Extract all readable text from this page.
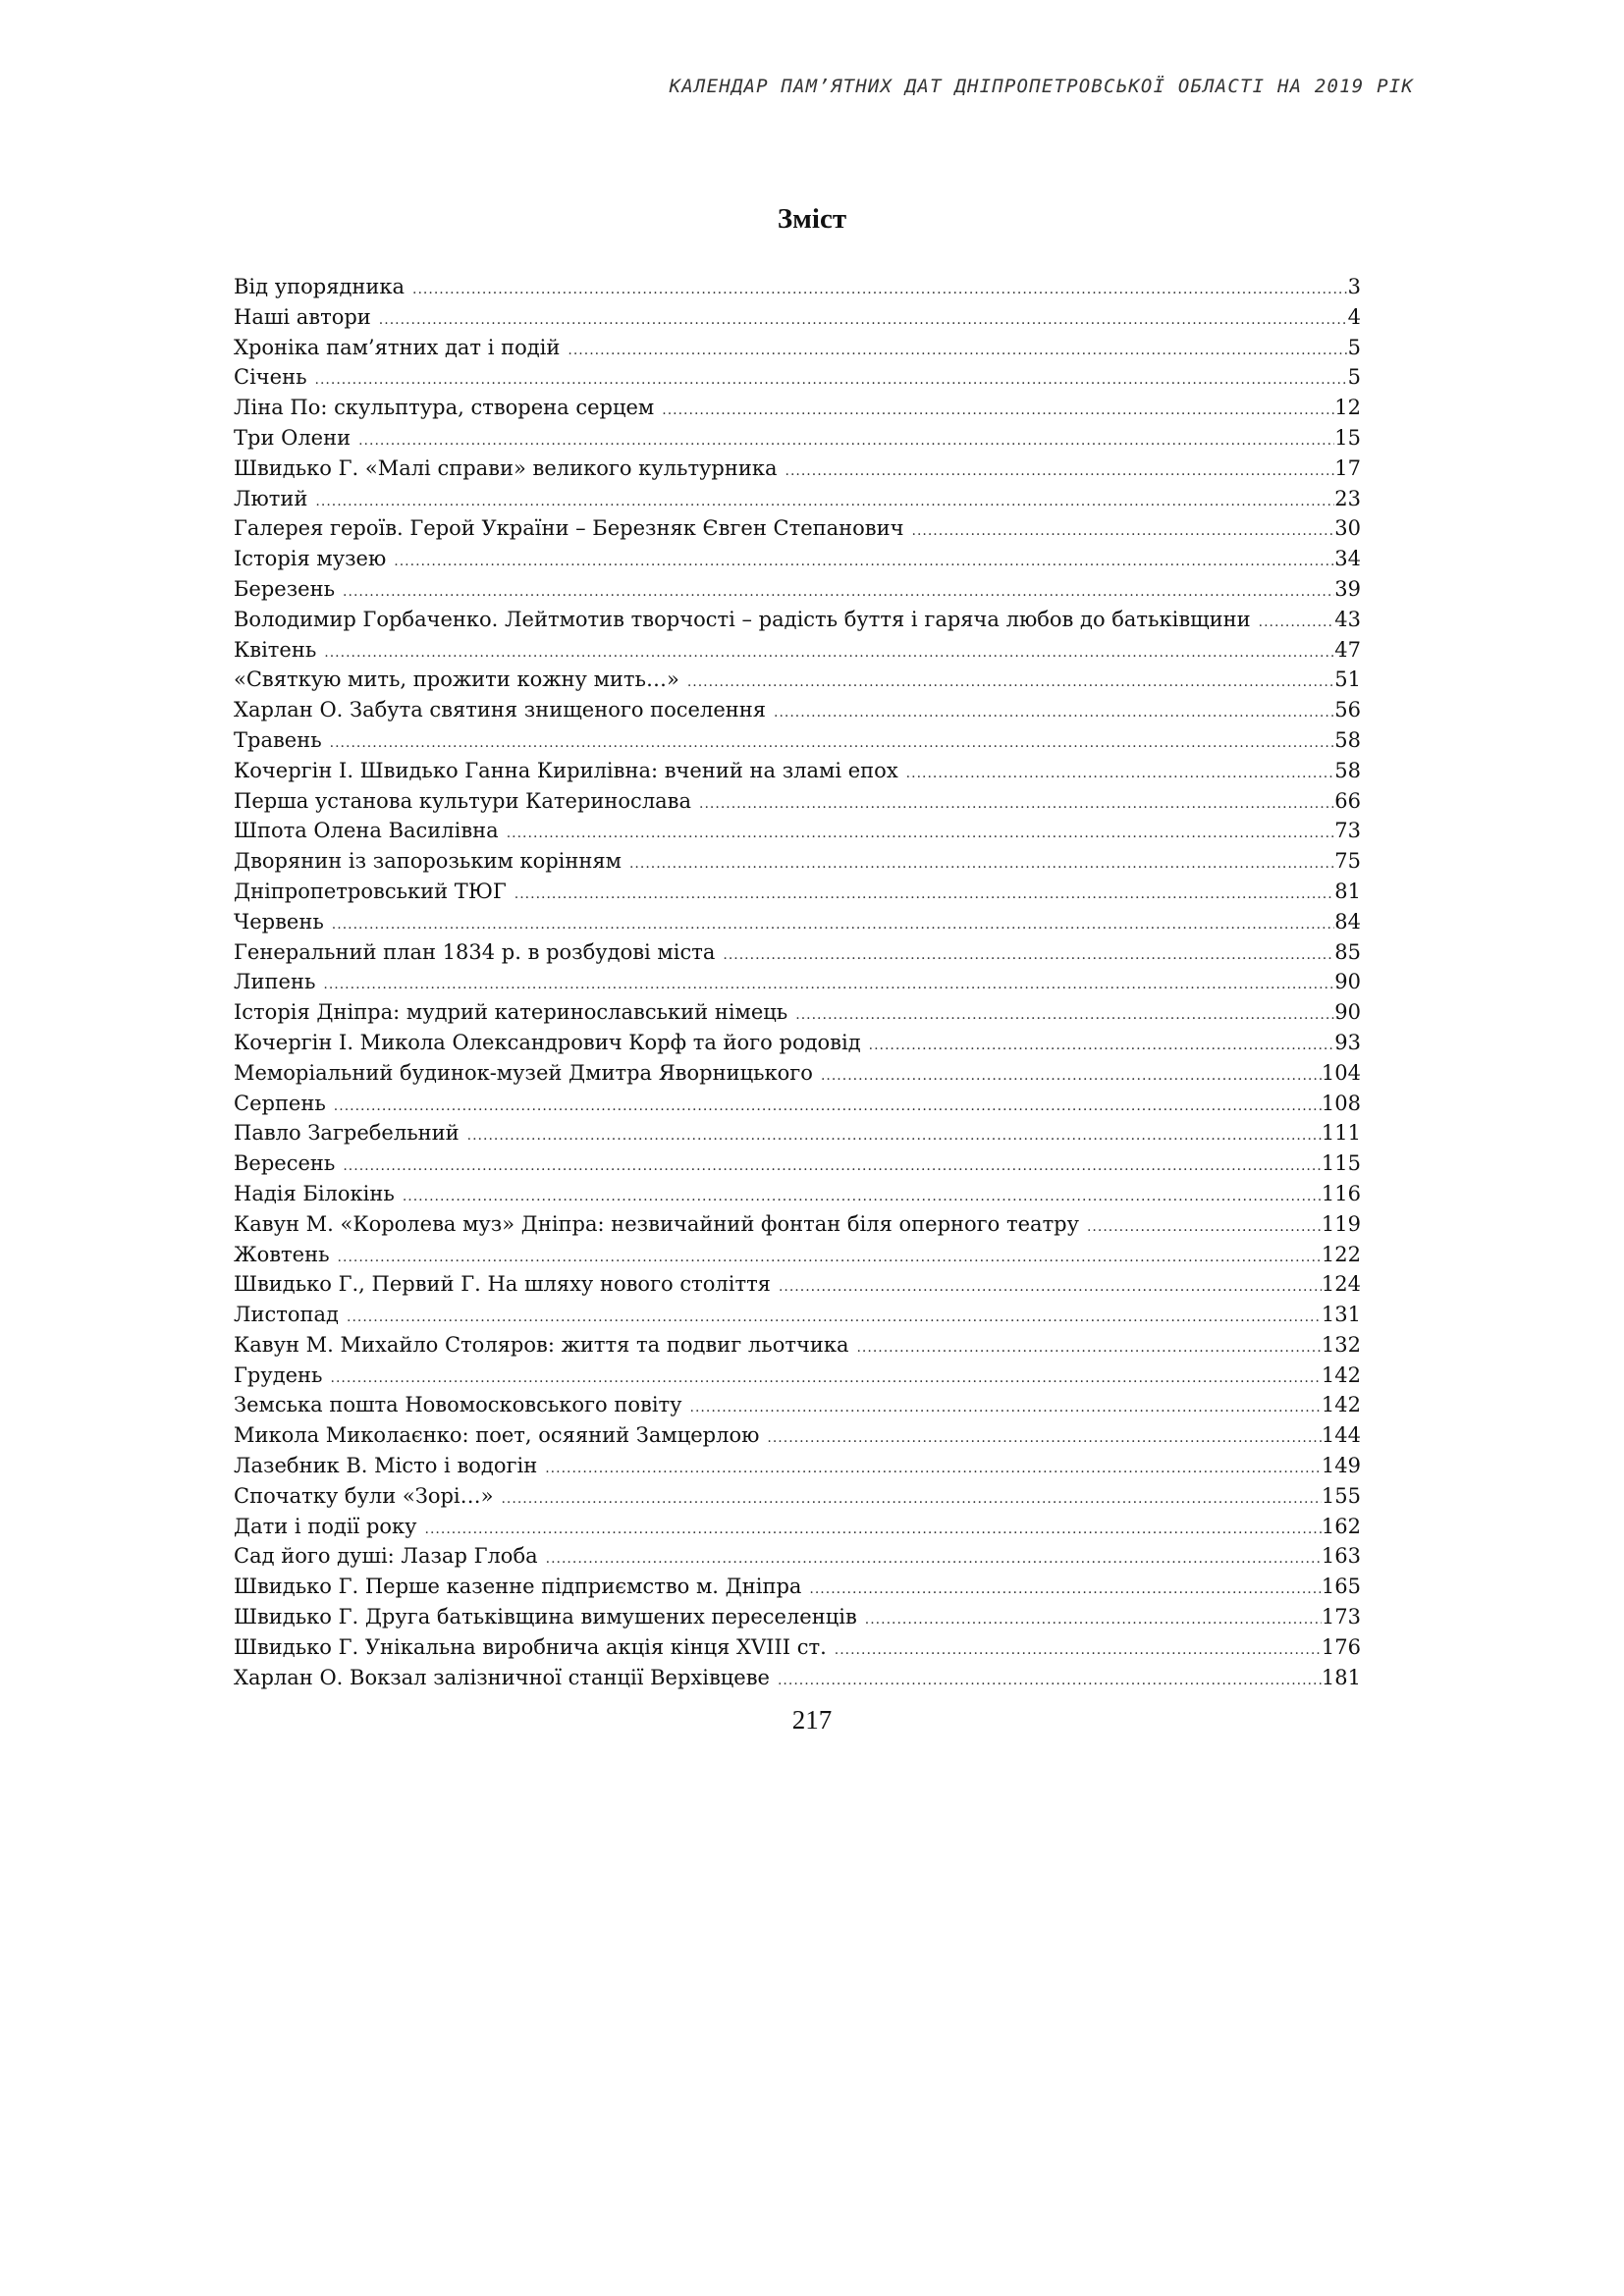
КАЛЕНДАР ПАМ’ЯТНИХ ДАТ ДНІПРОПЕТРОВСЬКОЇ ОБЛАСТІ НА 2019 РІК
Зміст
Від упорядника .....	3
Наші автори .....	4
Хроніка пам’ятних дат і подій .....	5
Січень .....	5
Ліна По: скульптура, створена серцем .....	12
Три Олени .....	15
Швидько Г. «Малі справи» великого культурника .....	17
Лютий .....	23
Галерея героїв. Герой України – Березняк Євген Степанович .....	30
Історія музею .....	34
Березень .....	39
Володимир Горбаченко. Лейтмотив творчості – радість буття і гаряча любов до батьківщини .....	43
Квітень .....	47
«Святкую мить, прожити кожну мить…» .....	51
Харлан О. Забута святиня знищеного поселення .....	56
Травень .....	58
Кочергін І. Швидько Ганна Кирилівна: вчений на зламі епох .....	58
Перша установа культури Катеринослава .....	66
Шпота Олена Василівна .....	73
Дворянин із запорозьким корінням .....	75
Дніпропетровський ТЮГ .....	81
Червень .....	84
Генеральний план 1834 р. в розбудові міста .....	85
Липень .....	90
Історія Дніпра: мудрий катеринославський німець .....	90
Кочергін І. Микола Олександрович Корф та його родовід .....	93
Меморіальний будинок-музей Дмитра Яворницького .....	104
Серпень .....	108
Павло Загребельний .....	111
Вересень .....	115
Надія Білокінь .....	116
Кавун М. «Королева муз» Дніпра: незвичайний фонтан біля оперного театру .....	119
Жовтень .....	122
Швидько Г., Первий Г. На шляху нового століття .....	124
Листопад .....	131
Кавун М. Михайло Столяров: життя та подвиг льотчика .....	132
Грудень .....	142
Земська пошта Новомосковського повіту .....	142
Микола Миколаєнко: поет, осяяний Замцерлою .....	144
Лазебник В. Місто і водогін .....	149
Спочатку були «Зорі…» .....	155
Дати і події року .....	162
Сад його душі: Лазар Глоба .....	163
Швидько Г. Перше казенне підприємство м. Дніпра .....	165
Швидько Г. Друга батьківщина вимушених переселенців .....	173
Швидько Г. Унікальна виробнича акція кінця XVIII ст. .....	176
Харлан О. Вокзал залізничної станції Верхівцеве .....	181
217
